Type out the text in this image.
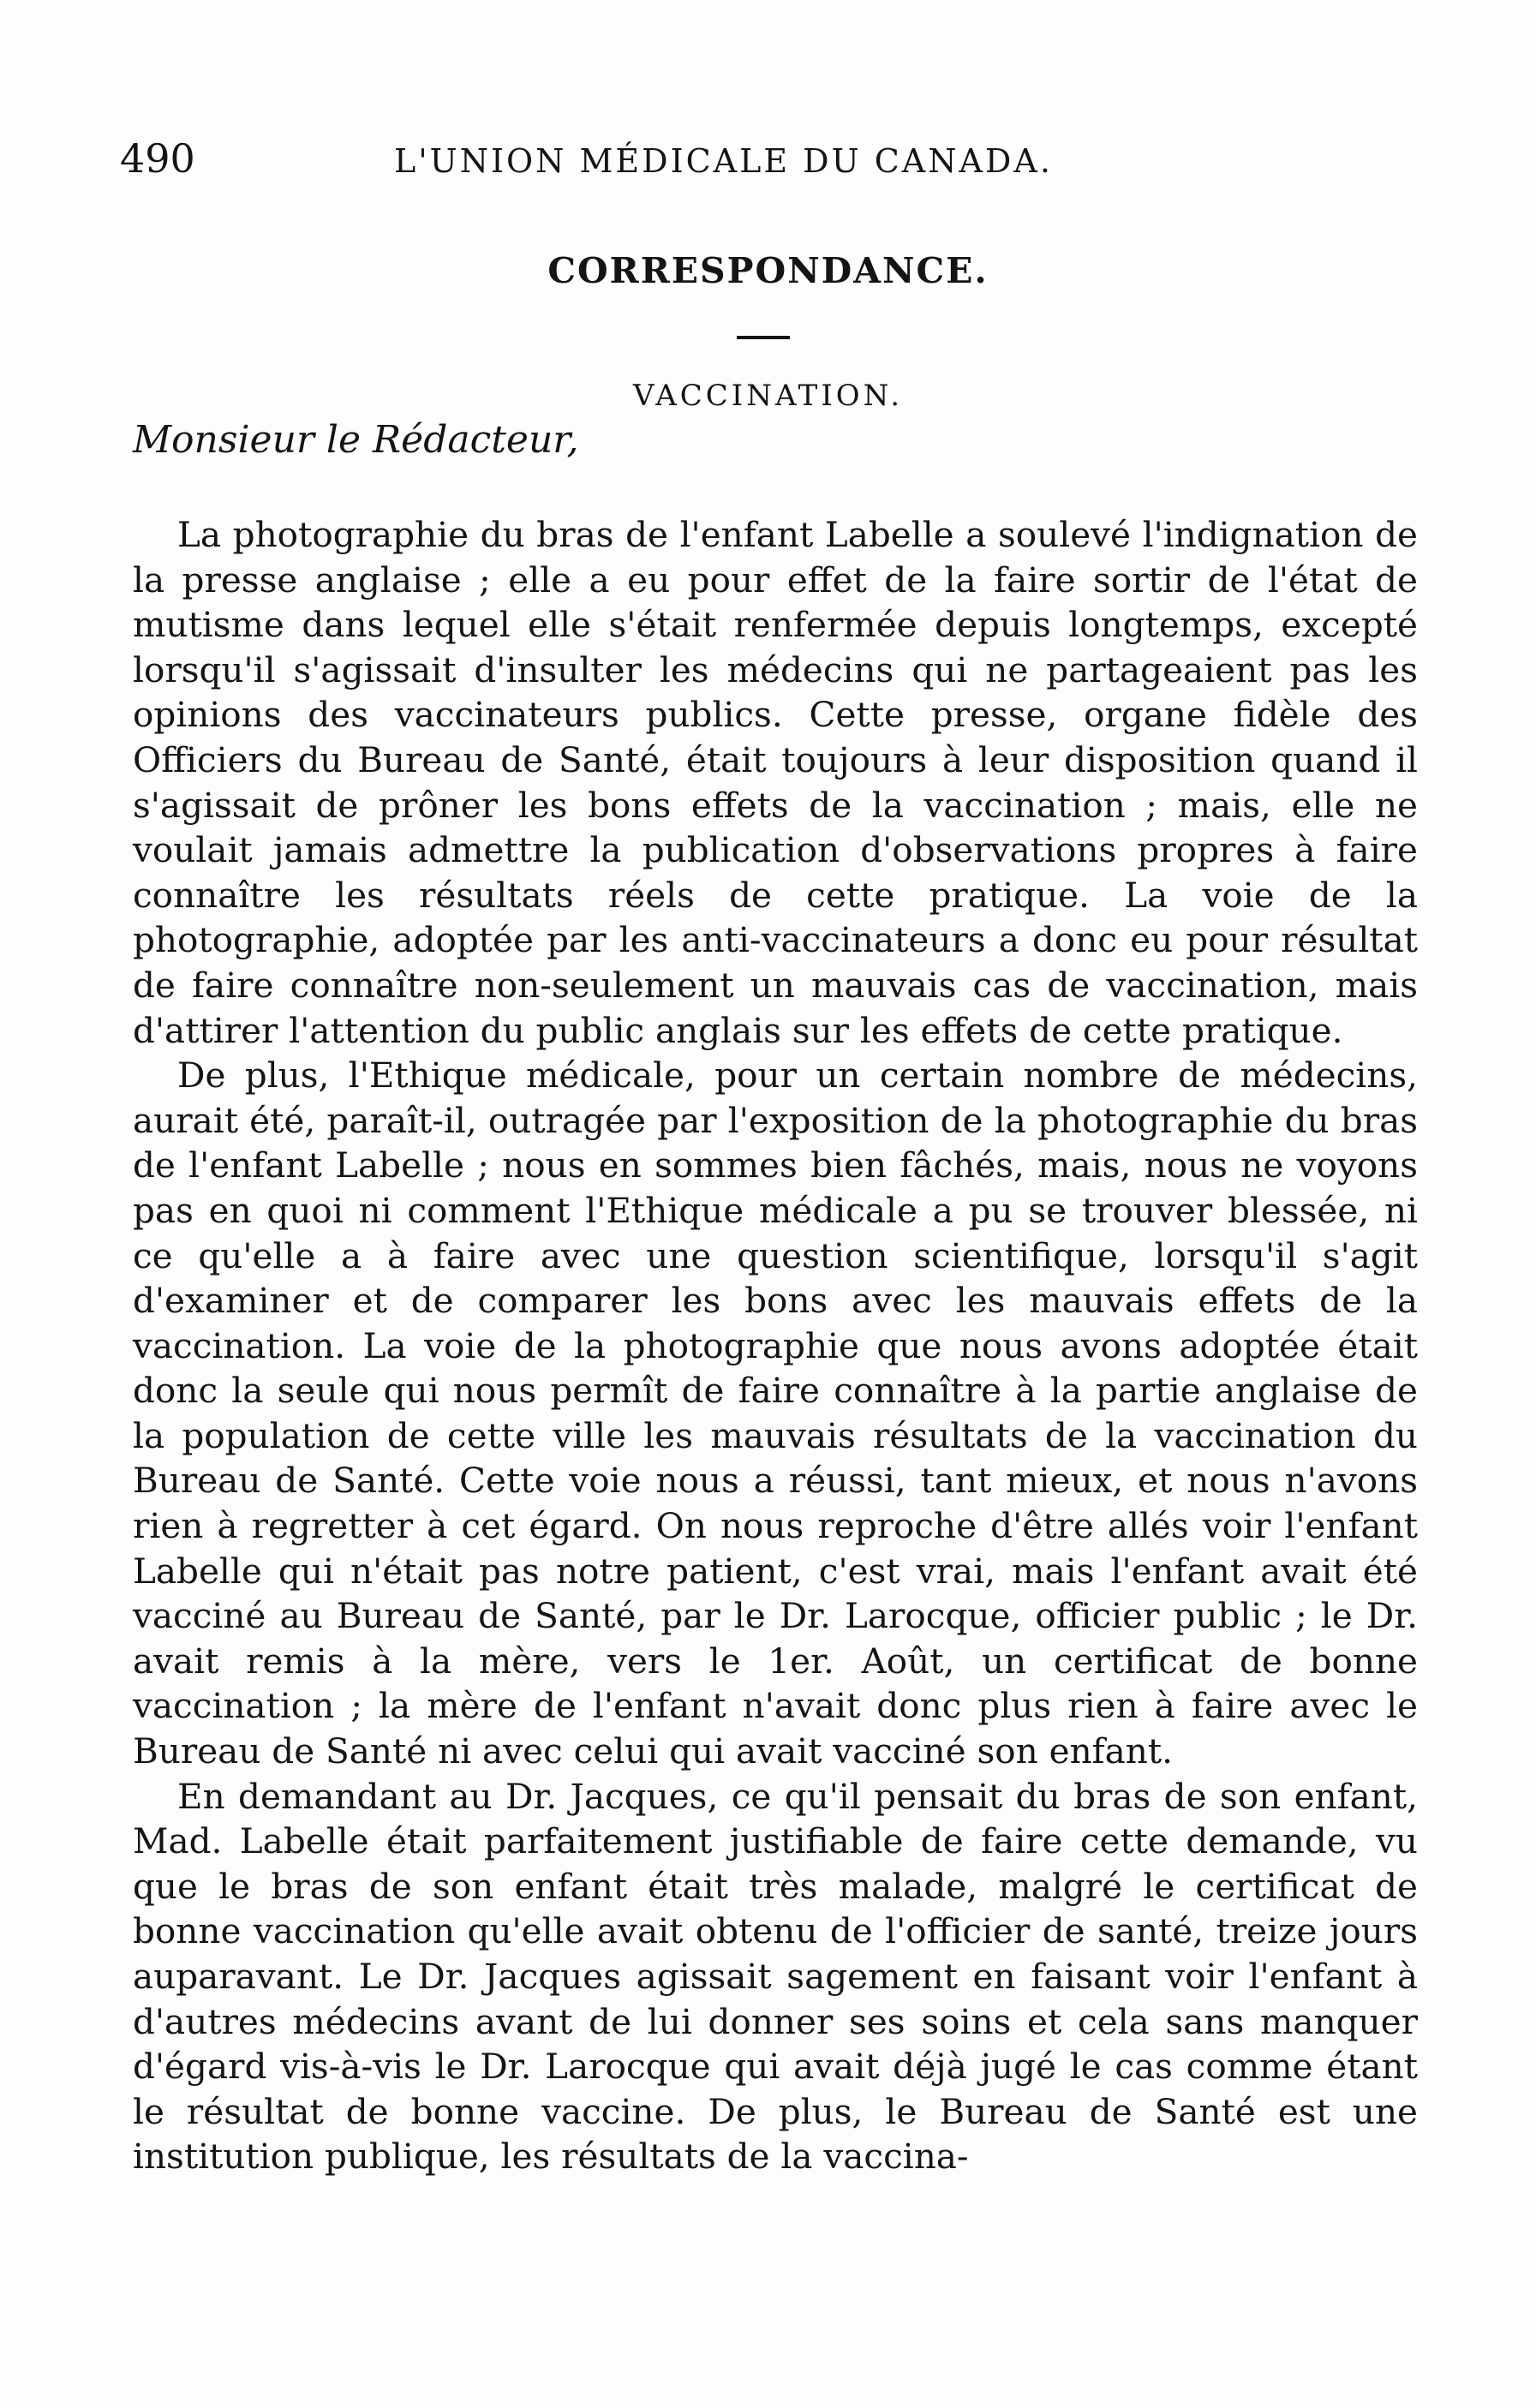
490	L'UNION MÉDICALE DU CANADA.
CORRESPONDANCE.
VACCINATION.
Monsieur le Rédacteur,

La photographie du bras de l'enfant Labelle a soulevé l'indignation de la presse anglaise ; elle a eu pour effet de la faire sortir de l'état de mutisme dans lequel elle s'était renfermée depuis longtemps, excepté lorsqu'il s'agissait d'insulter les médecins qui ne partageaient pas les opinions des vaccinateurs publics. Cette presse, organe fidèle des Officiers du Bureau de Santé, était toujours à leur disposition quand il s'agissait de prôner les bons effets de la vaccination ; mais, elle ne voulait jamais admettre la publication d'observations propres à faire connaître les résultats réels de cette pratique. La voie de la photographie, adoptée par les anti-vaccinateurs a donc eu pour résultat de faire connaître non-seulement un mauvais cas de vaccination, mais d'attirer l'attention du public anglais sur les effets de cette pratique.

De plus, l'Ethique médicale, pour un certain nombre de médecins, aurait été, paraît-il, outragée par l'exposition de la photographie du bras de l'enfant Labelle ; nous en sommes bien fâchés, mais, nous ne voyons pas en quoi ni comment l'Ethique médicale a pu se trouver blessée, ni ce qu'elle a à faire avec une question scientifique, lorsqu'il s'agit d'examiner et de comparer les bons avec les mauvais effets de la vaccination. La voie de la photographie que nous avons adoptée était donc la seule qui nous permît de faire connaître à la partie anglaise de la population de cette ville les mauvais résultats de la vaccination du Bureau de Santé. Cette voie nous a réussi, tant mieux, et nous n'avons rien à regretter à cet égard. On nous reproche d'être allés voir l'enfant Labelle qui n'était pas notre patient, c'est vrai, mais l'enfant avait été vacciné au Bureau de Santé, par le Dr. Larocque, officier public ; le Dr. avait remis à la mère, vers le 1er. Août, un certificat de bonne vaccination ; la mère de l'enfant n'avait donc plus rien à faire avec le Bureau de Santé ni avec celui qui avait vacciné son enfant.

En demandant au Dr. Jacques, ce qu'il pensait du bras de son enfant, Mad. Labelle était parfaitement justifiable de faire cette demande, vu que le bras de son enfant était très malade, malgré le certificat de bonne vaccination qu'elle avait obtenu de l'officier de santé, treize jours auparavant. Le Dr. Jacques agissait sagement en faisant voir l'enfant à d'autres médecins avant de lui donner ses soins et cela sans manquer d'égard vis-à-vis le Dr. Larocque qui avait déjà jugé le cas comme étant le résultat de bonne vaccine. De plus, le Bureau de Santé est une institution publique, les résultats de la vaccina-
